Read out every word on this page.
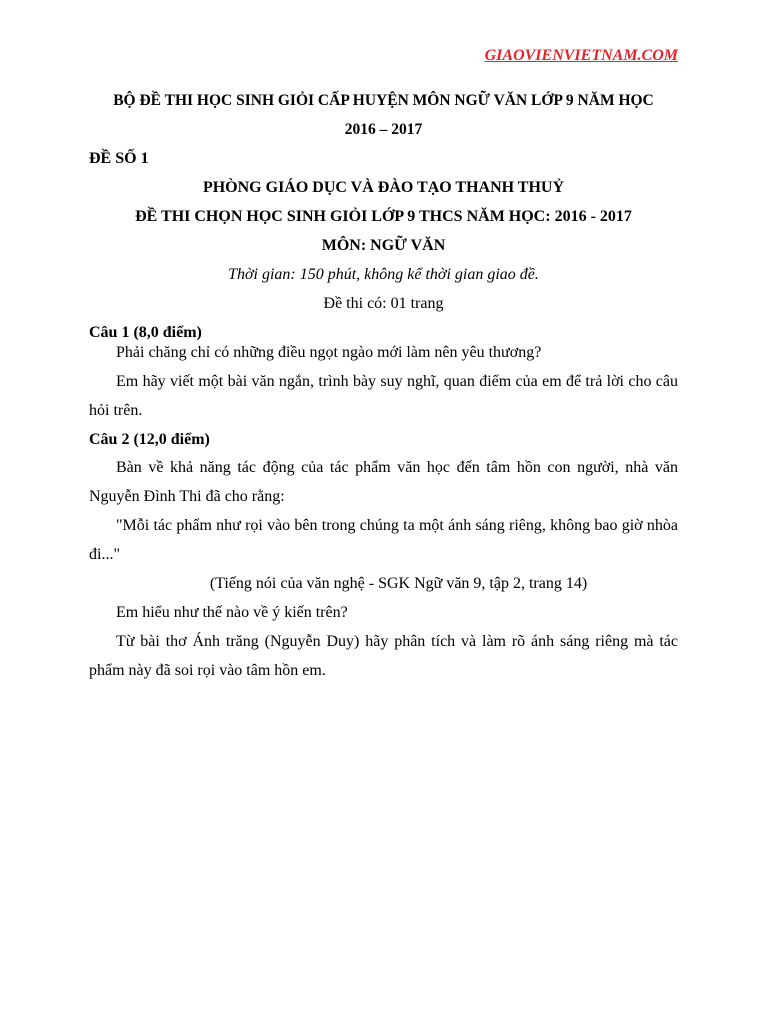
GIAOVIENVIETNAM.COM
BỘ ĐỀ THI HỌC SINH GIỎI CẤP HUYỆN MÔN NGỮ VĂN LỚP 9 NĂM HỌC
2016 – 2017
ĐỀ SỐ 1
PHÒNG GIÁO DỤC VÀ ĐÀO TẠO THANH THUỶ
ĐỀ THI CHỌN HỌC SINH GIỎI LỚP 9 THCS NĂM HỌC: 2016 - 2017
MÔN: NGỮ VĂN
Thời gian: 150 phút, không kể thời gian giao đề.
Đề thi có: 01 trang
Câu 1 (8,0 điểm)
Phải chăng chỉ có những điều ngọt ngào mới làm nên yêu thương?
Em hãy viết một bài văn ngắn, trình bày suy nghĩ, quan điểm của em để trả lời cho câu hỏi trên.
Câu 2 (12,0 điểm)
Bàn về khả năng tác động của tác phẩm văn học đến tâm hồn con người, nhà văn Nguyễn Đình Thi đã cho rằng:
"Mỗi tác phẩm như rọi vào bên trong chúng ta một ánh sáng riêng, không bao giờ nhòa đi..."
(Tiếng nói của văn nghệ - SGK Ngữ văn 9, tập 2, trang 14)
Em hiểu như thế nào về ý kiến trên?
Từ bài thơ Ánh trăng (Nguyễn Duy) hãy phân tích và làm rõ ánh sáng riêng mà tác phẩm này đã soi rọi vào tâm hồn em.
